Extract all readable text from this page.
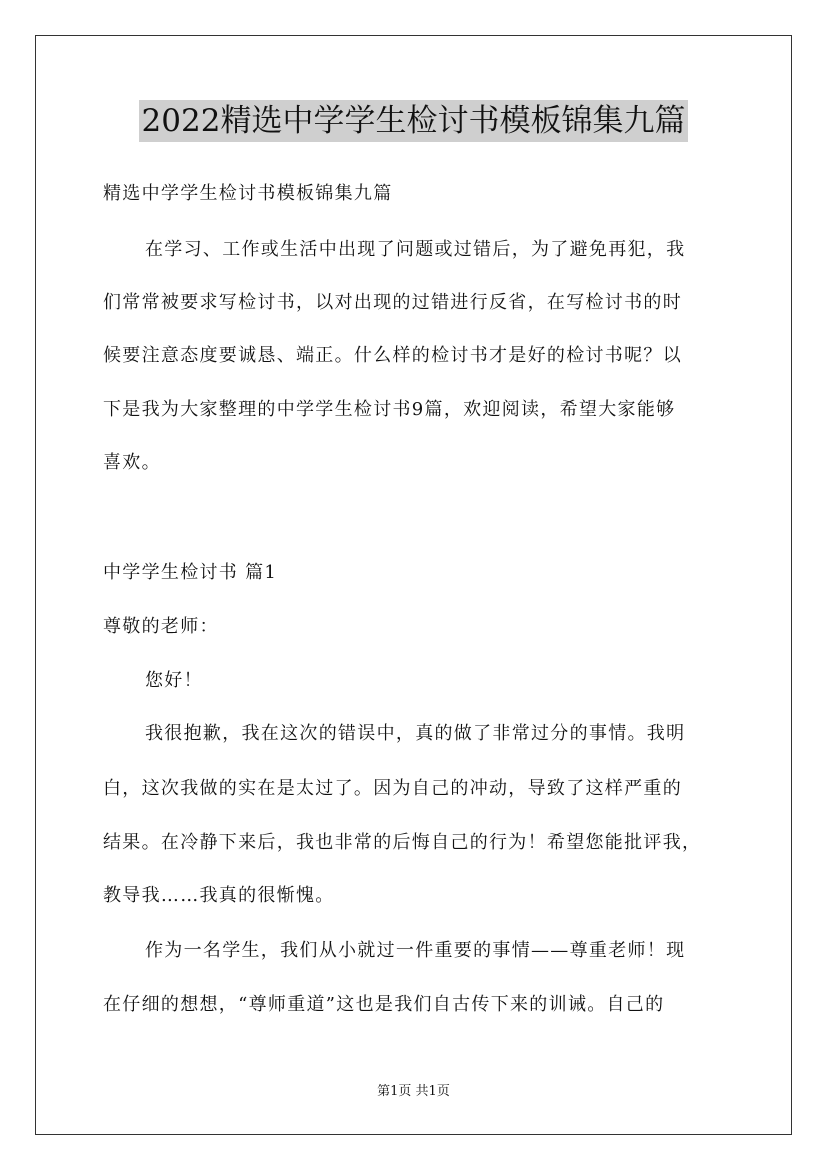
2022精选中学学生检讨书模板锦集九篇
精选中学学生检讨书模板锦集九篇
在学习、工作或生活中出现了问题或过错后，为了避免再犯，我
们常常被要求写检讨书，以对出现的过错进行反省，在写检讨书的时
候要注意态度要诚恳、端正。什么样的检讨书才是好的检讨书呢？以
下是我为大家整理的中学学生检讨书9篇，欢迎阅读，希望大家能够
喜欢。
中学学生检讨书 篇1
尊敬的老师：
您好！
我很抱歉，我在这次的错误中，真的做了非常过分的事情。我明
白，这次我做的实在是太过了。因为自己的冲动，导致了这样严重的
结果。在冷静下来后，我也非常的后悔自己的行为！希望您能批评我，
教导我……我真的很惭愧。
作为一名学生，我们从小就过一件重要的事情——尊重老师！现
在仔细的想想，“尊师重道”这也是我们自古传下来的训诫。自己的
第1页 共1页
